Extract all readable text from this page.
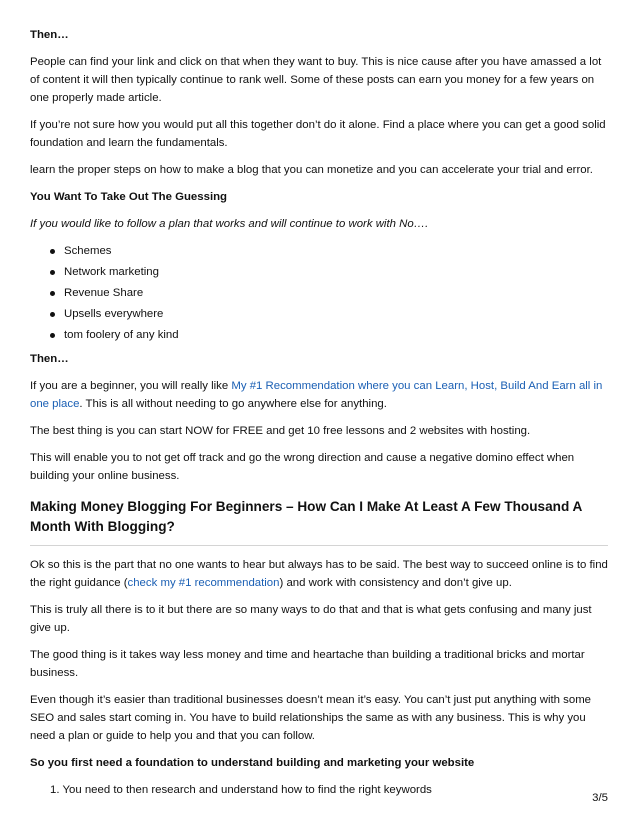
Then…

People can find your link and click on that when they want to buy. This is nice cause after you have amassed a lot of content it will then typically continue to rank well. Some of these posts can earn you money for a few years on one properly made article.

If you’re not sure how you would put all this together don’t do it alone. Find a place where you can get a good solid foundation and learn the fundamentals.

learn the proper steps on how to make a blog that you can monetize and you can accelerate your trial and error.

You Want To Take Out The Guessing

If you would like to follow a plan that works and will continue to work with No….

Schemes
Network marketing
Revenue Share
Upsells everywhere
tom foolery of any kind

Then…

If you are a beginner, you will really like My #1 Recommendation where you can Learn, Host, Build And Earn all in one place. This is all without needing to go anywhere else for anything.

The best thing is you can start NOW for FREE and get 10 free lessons and 2 websites with hosting.

This will enable you to not get off track and go the wrong direction and cause a negative domino effect when building your online business.

Making Money Blogging For Beginners – How Can I Make At Least A Few Thousand A Month With Blogging?

Ok so this is the part that no one wants to hear but always has to be said. The best way to succeed online is to find the right guidance (check my #1 recommendation) and work with consistency and don’t give up.

This is truly all there is to it but there are so many ways to do that and that is what gets confusing and many just give up.

The good thing is it takes way less money and time and heartache than building a traditional bricks and mortar business.

Even though it’s easier than traditional businesses doesn’t mean it’s easy. You can’t just put anything with some SEO and sales start coming in. You have to build relationships the same as with any business. This is why you need a plan or guide to help you and that you can follow.

So you first need a foundation to understand building and marketing your website

1. You need to then research and understand how to find the right keywords
3/5
